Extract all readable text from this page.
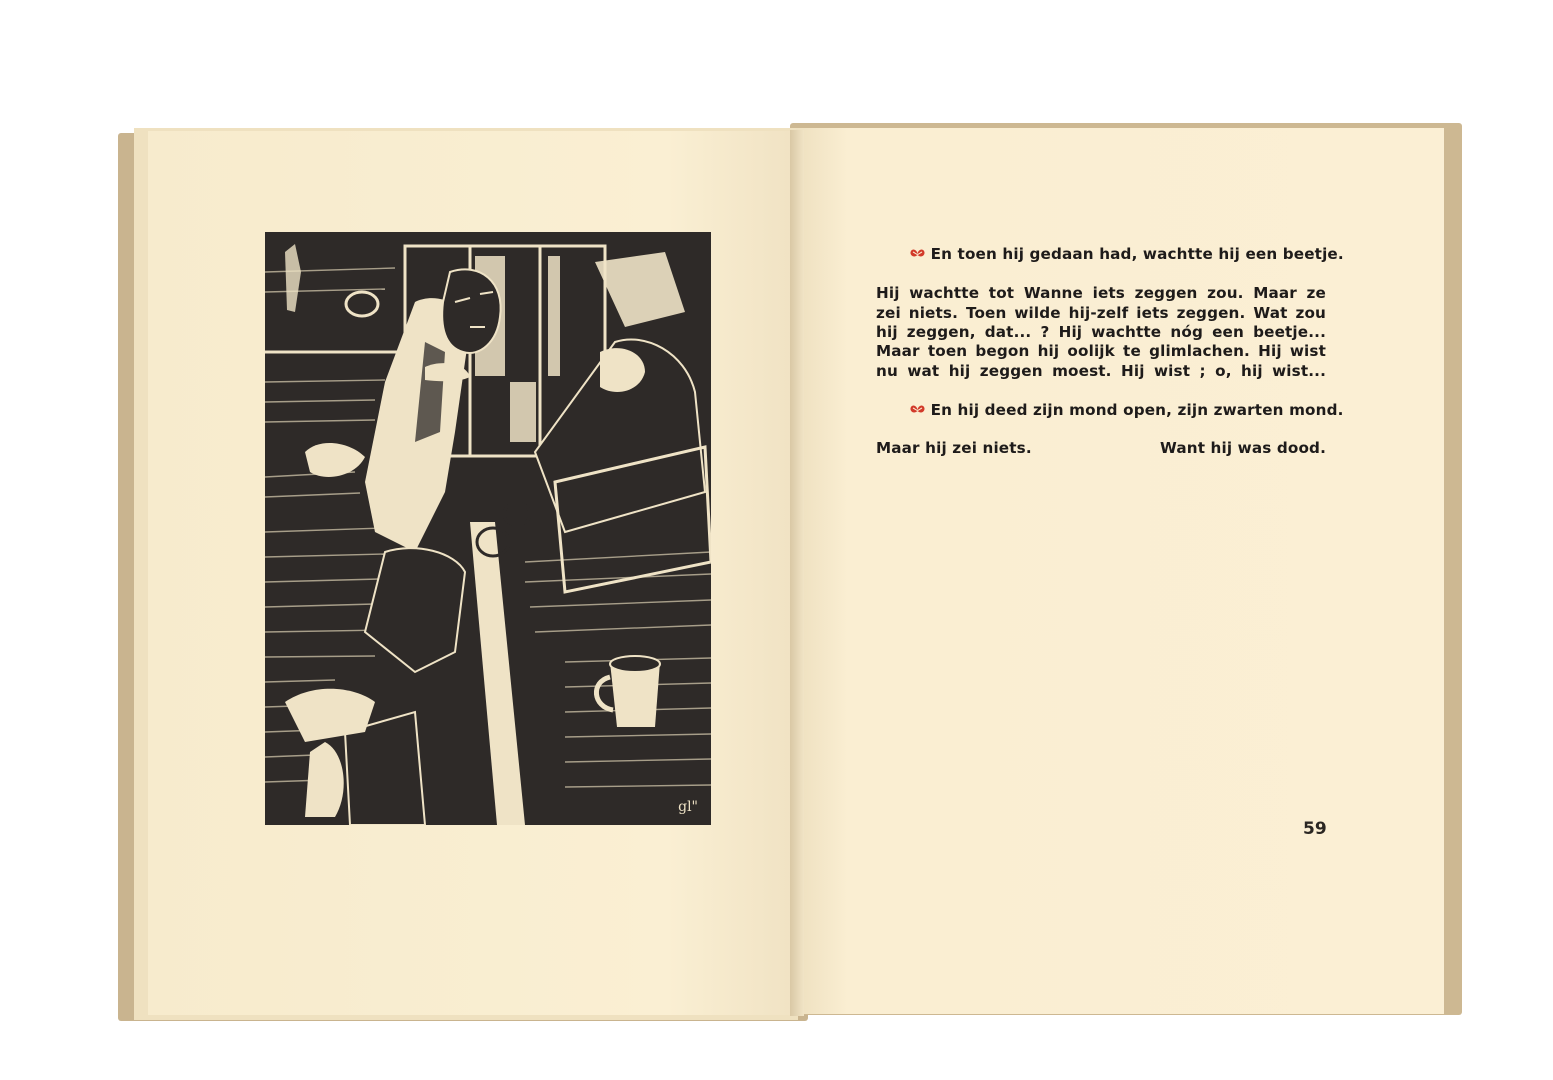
gl"

En toen hij gedaan had, wachtte hij een beetje.

Hij wachtte tot Wanne iets zeggen zou. Maar ze
zei niets. Toen wilde hij-zelf iets zeggen. Wat zou
hij zeggen, dat... ? Hij wachtte nóg een beetje...
Maar toen begon hij oolijk te glimlachen. Hij wist
nu wat hij zeggen moest. Hij wist ; o, hij wist...

En hij deed zijn mond open, zijn zwarten mond.

Maar hij zei niets.	Want hij was dood.
59
